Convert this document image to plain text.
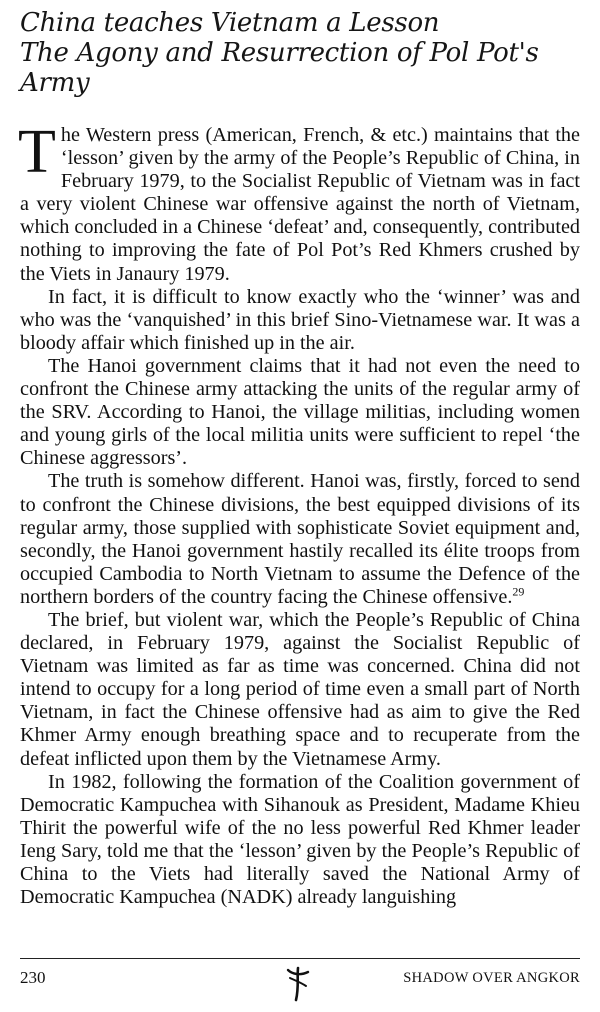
China teaches Vietnam a Lesson
The Agony and Resurrection of Pol Pot's
Army

The Western press (American, French, & etc.) maintains that the ‘lesson’ given by the army of the People’s Republic of China, in February 1979, to the Socialist Republic of Vietnam was in fact a very violent Chinese war offensive against the north of Vietnam, which concluded in a Chinese ‘defeat’ and, consequently, contributed nothing to improving the fate of Pol Pot’s Red Khmers crushed by the Viets in Janaury 1979.

In fact, it is difficult to know exactly who the ‘winner’ was and who was the ‘vanquished’ in this brief Sino-Vietnamese war. It was a bloody affair which finished up in the air.

The Hanoi government claims that it had not even the need to confront the Chinese army attacking the units of the regular army of the SRV. According to Hanoi, the village militias, including women and young girls of the local militia units were sufficient to repel ‘the Chinese aggressors’.

The truth is somehow different. Hanoi was, firstly, forced to send to confront the Chinese divisions, the best equipped divisions of its regular army, those supplied with sophisticate Soviet equipment and, secondly, the Hanoi government hastily recalled its élite troops from occupied Cambodia to North Vietnam to assume the Defence of the northern borders of the country facing the Chinese offensive.$^{29}$

The brief, but violent war, which the People’s Republic of China declared, in February 1979, against the Socialist Republic of Vietnam was limited as far as time was concerned. China did not intend to occupy for a long period of time even a small part of North Vietnam, in fact the Chinese offensive had as aim to give the Red Khmer Army enough breathing space and to recuperate from the defeat inflicted upon them by the Vietnamese Army.

In 1982, following the formation of the Coalition government of Democratic Kampuchea with Sihanouk as President, Madame Khieu Thirit the powerful wife of the no less powerful Red Khmer leader Ieng Sary, told me that the ‘lesson’ given by the People’s Republic of China to the Viets had literally saved the National Army of Democratic Kampuchea (NADK) already languishing

230	SHADOW OVER ANGKOR
